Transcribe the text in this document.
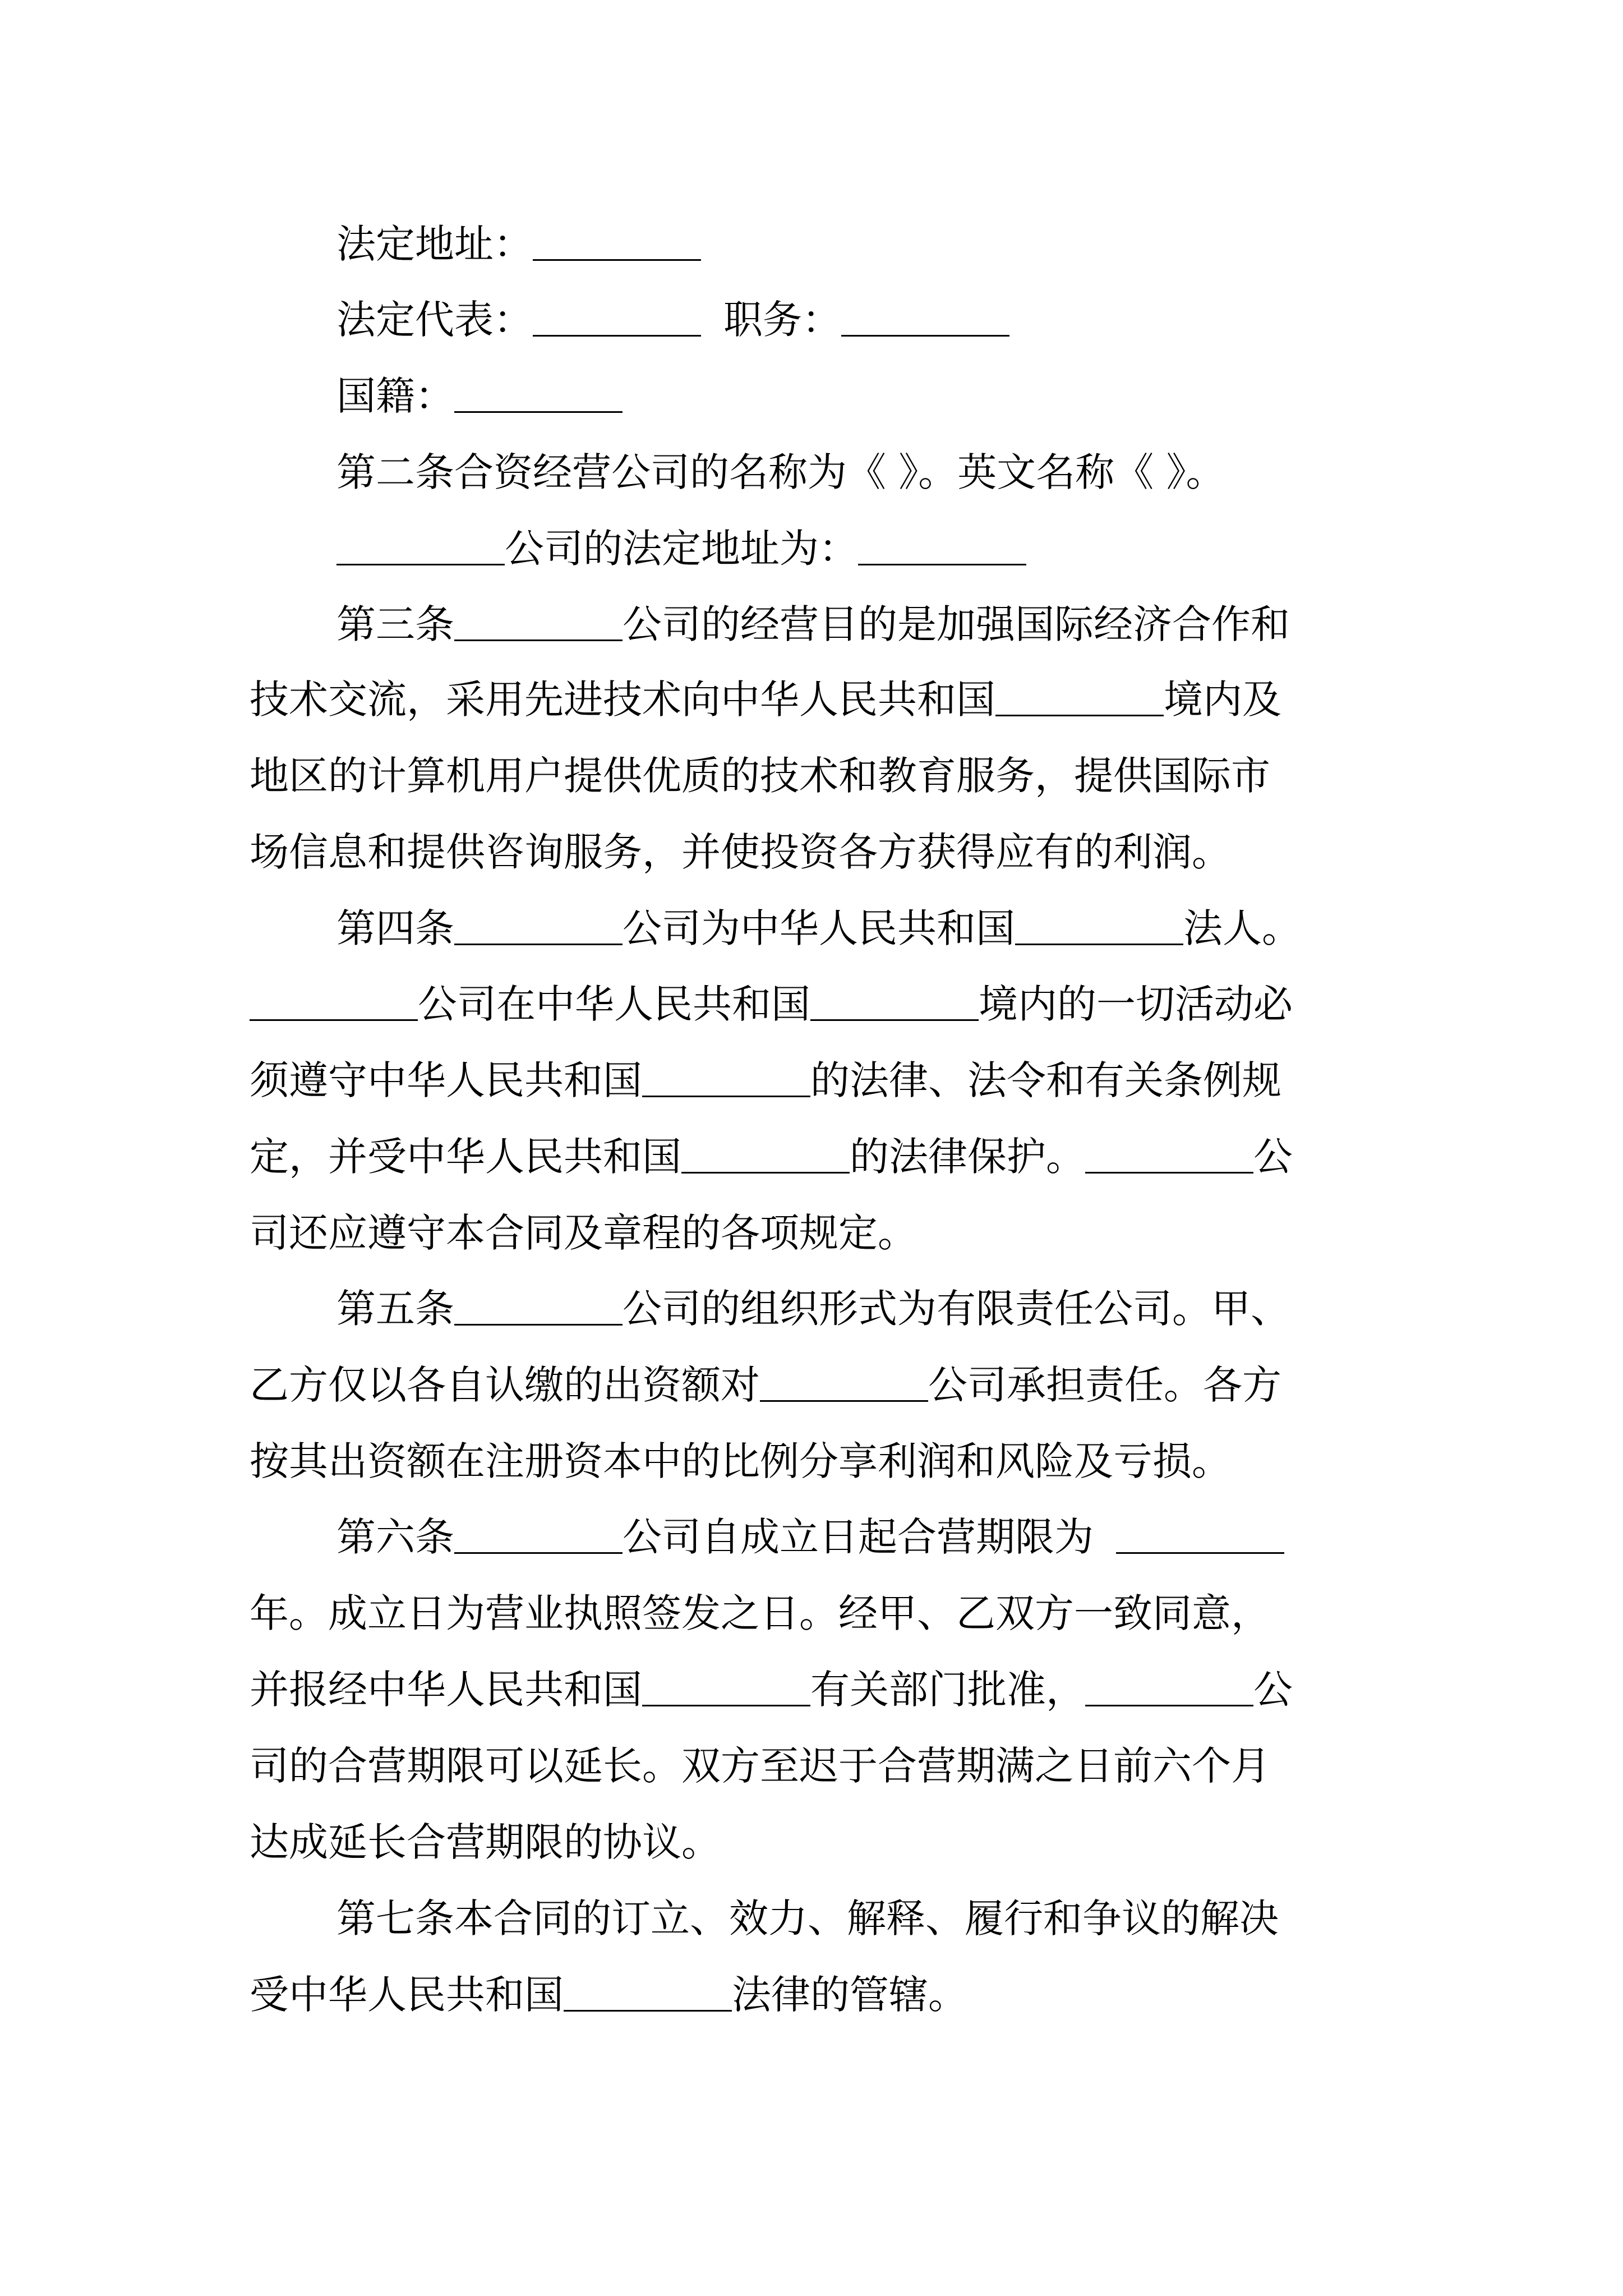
法定地址：
法定代表：	职务：
国籍：
第二条合资经营公司的名称为《 》。英文名称《 》。
公司的法定地址为：
第三条	公司的经营目的是加强国际经济合作和
技术交流，采用先进技术向中华人民共和国	境内及
地区的计算机用户提供优质的技术和教育服务，提供国际市
场信息和提供咨询服务，并使投资各方获得应有的利润。
第四条	公司为中华人民共和国	法人。
公司在中华人民共和国	境内的一切活动必
须遵守中华人民共和国	的法律、法令和有关条例规
定，并受中华人民共和国	的法律保护。	公
司还应遵守本合同及章程的各项规定。
第五条	公司的组织形式为有限责任公司。甲、
乙方仅以各自认缴的出资额对	公司承担责任。各方
按其出资额在注册资本中的比例分享利润和风险及亏损。
第六条	公司自成立日起合营期限为
年。成立日为营业执照签发之日。经甲、乙双方一致同意，
并报经中华人民共和国	有关部门批准，	公
司的合营期限可以延长。双方至迟于合营期满之日前六个月
达成延长合营期限的协议。
第七条本合同的订立、效力、解释、履行和争议的解决
受中华人民共和国	法律的管辖。
